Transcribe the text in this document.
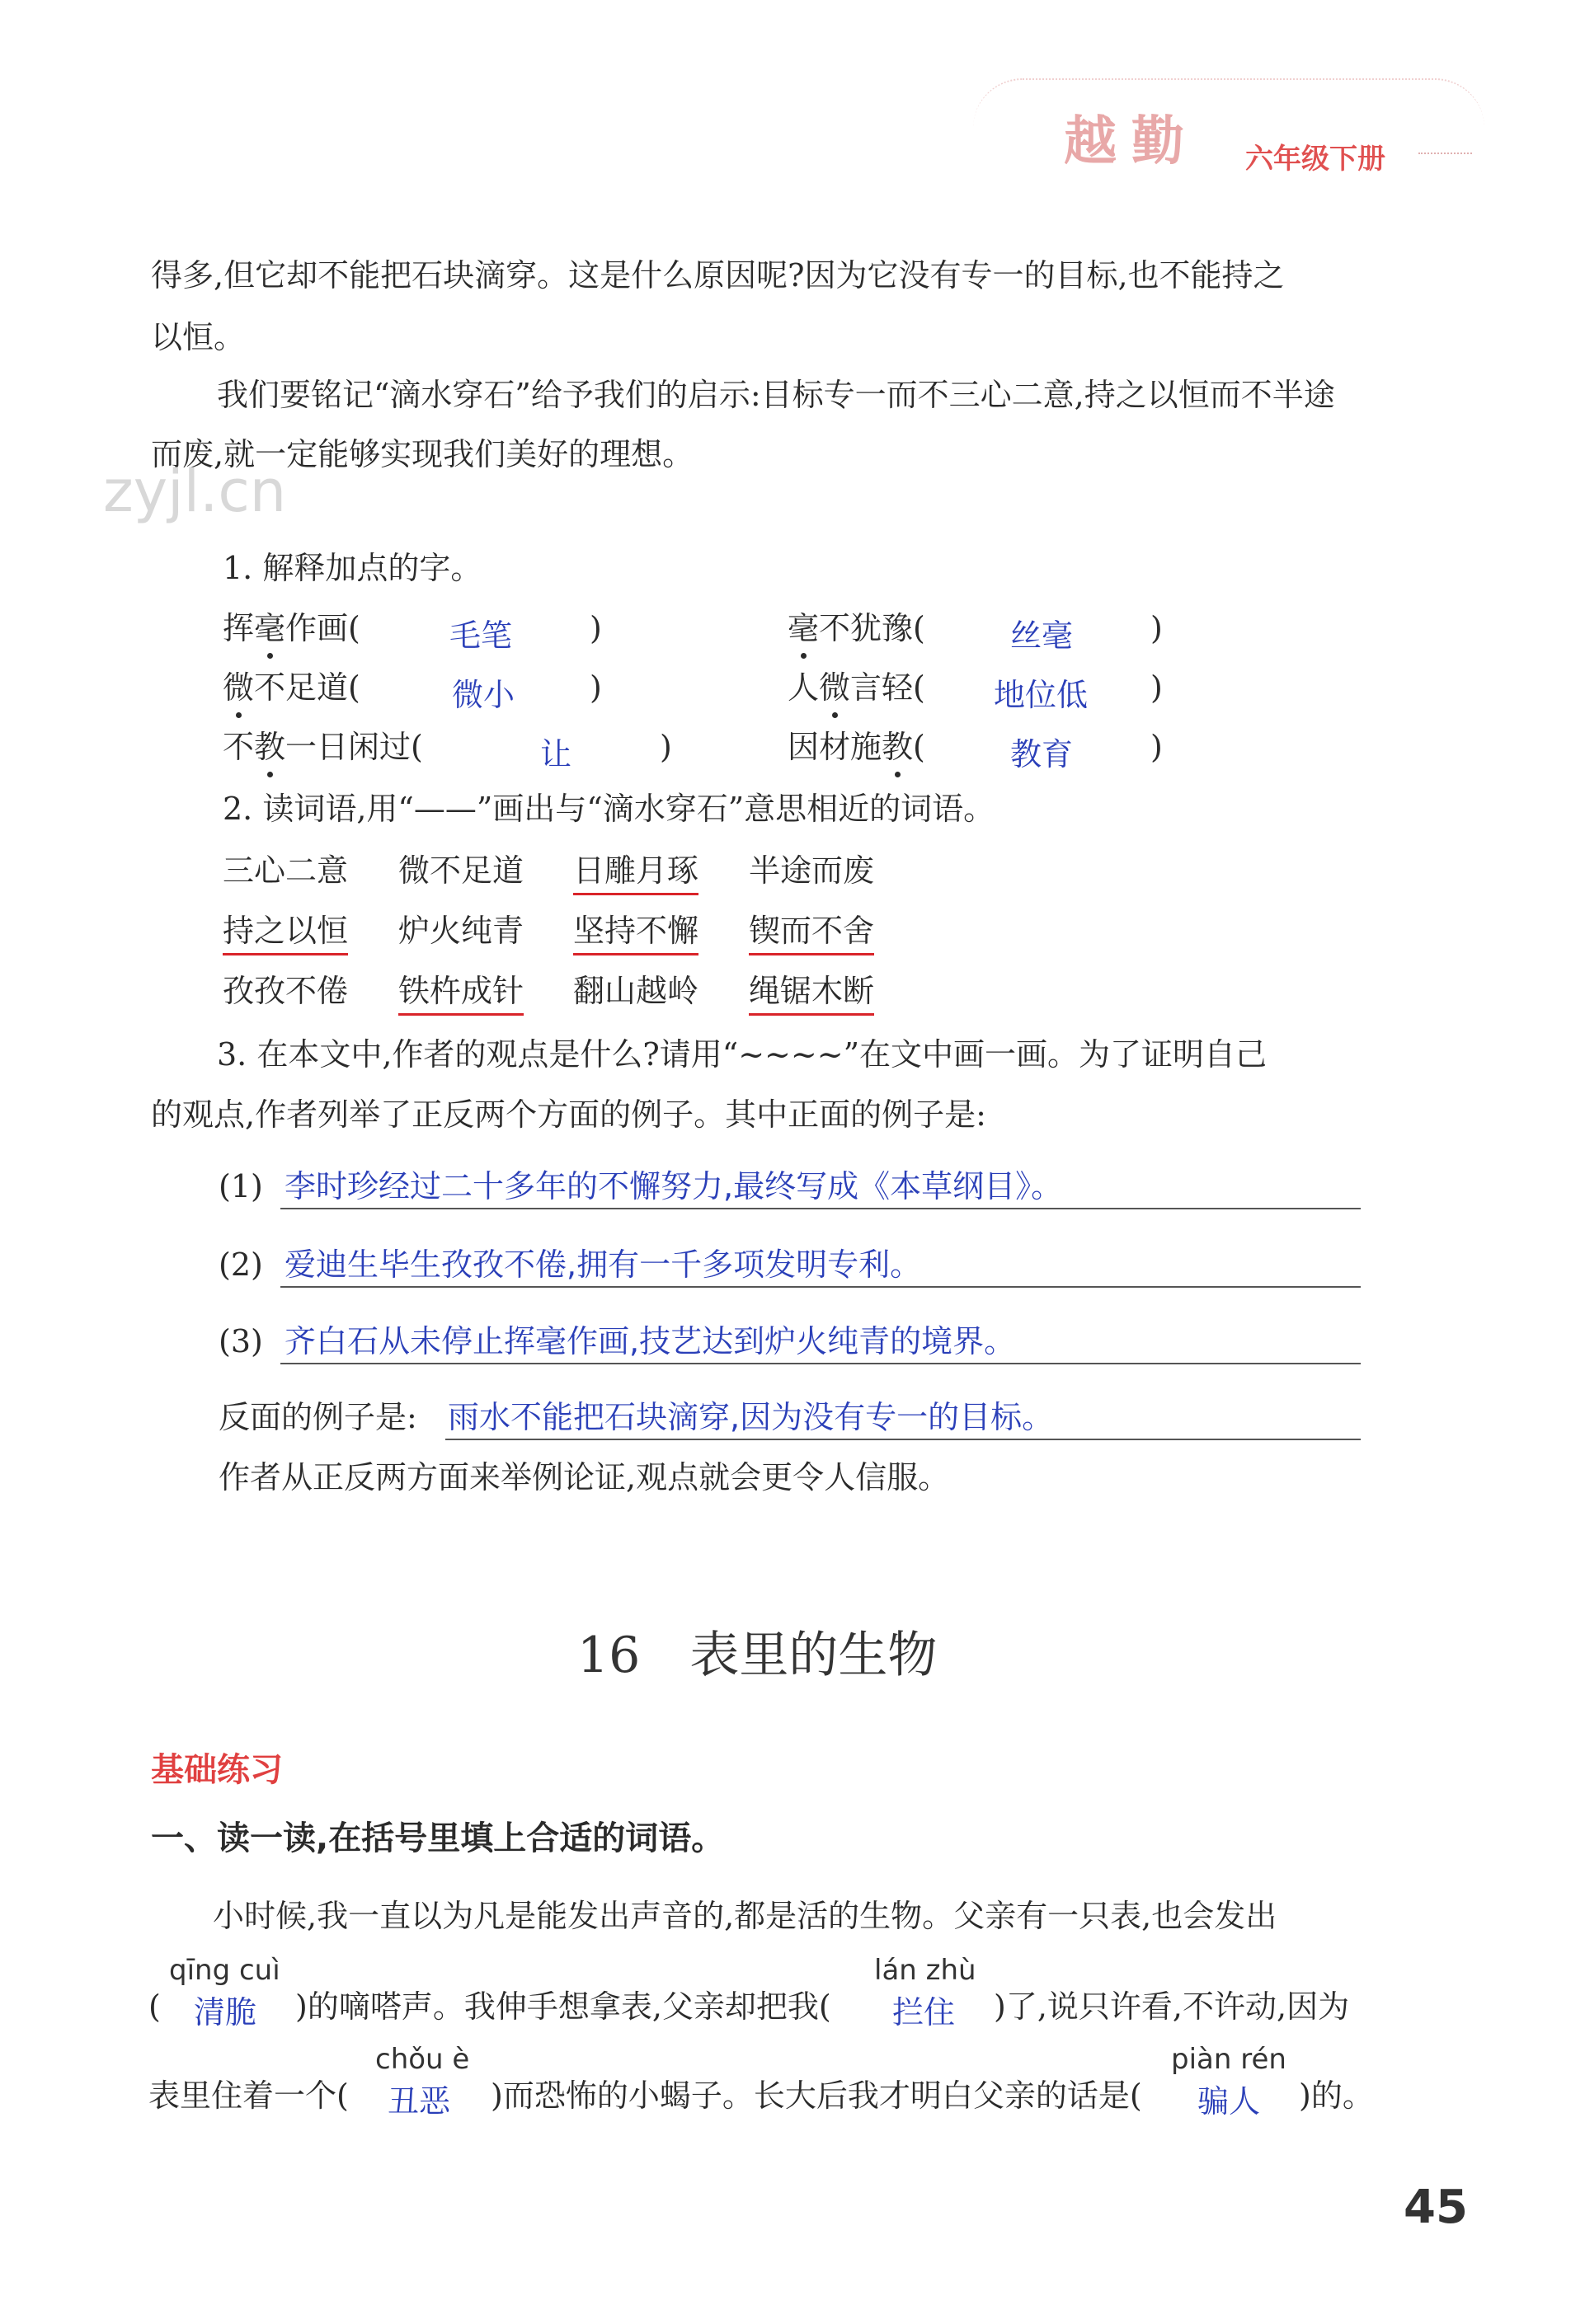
越勤 六年级下册
得多,但它却不能把石块滴穿。这是什么原因呢?因为它没有专一的目标,也不能持之
以恒。
我们要铭记“滴水穿石”给予我们的启示:目标专一而不三心二意,持之以恒而不半途
而废,就一定能够实现我们美好的理想。
zyjl.cn
1. 解释加点的字。
挥毫作画(	毛笔 )	毫不犹豫(	丝毫 )
微不足道(	微小 )	人微言轻( 地位低 )
不教一日闲过(	让	)	因材施教(	教育 )
2. 读词语,用“——”画出与“滴水穿石”意思相近的词语。
三心二意 微不足道 日雕月琢 半途而废
持之以恒 炉火纯青 坚持不懈 锲而不舍
孜孜不倦 铁杵成针 翻山越岭 绳锯木断
3. 在本文中,作者的观点是什么?请用“~~~~”在文中画一画。为了证明自己
的观点,作者列举了正反两个方面的例子。其中正面的例子是:
(1) 李时珍经过二十多年的不懈努力,最终写成《本草纲目》。
(2) 爱迪生毕生孜孜不倦,拥有一千多项发明专利。
(3) 齐白石从未停止挥毫作画,技艺达到炉火纯青的境界。
反面的例子是: 雨水不能把石块滴穿,因为没有专一的目标。
作者从正反两方面来举例论证,观点就会更令人信服。
16 表里的生物
基础练习
一、读一读,在括号里填上合适的词语。
小时候,我一直以为凡是能发出声音的,都是活的生物。父亲有一只表,也会发出
qīng cuì
( 清脆 )的嘀嗒声。我伸手想拿表,父亲却把我(
lán zhù
拦住 )了,说只许看,不许动,因为
chǒu è
表里住着一个( 丑恶 )而恐怖的小蝎子。长大后我才明白父亲的话是(
piàn rén
骗人 )的。
45
